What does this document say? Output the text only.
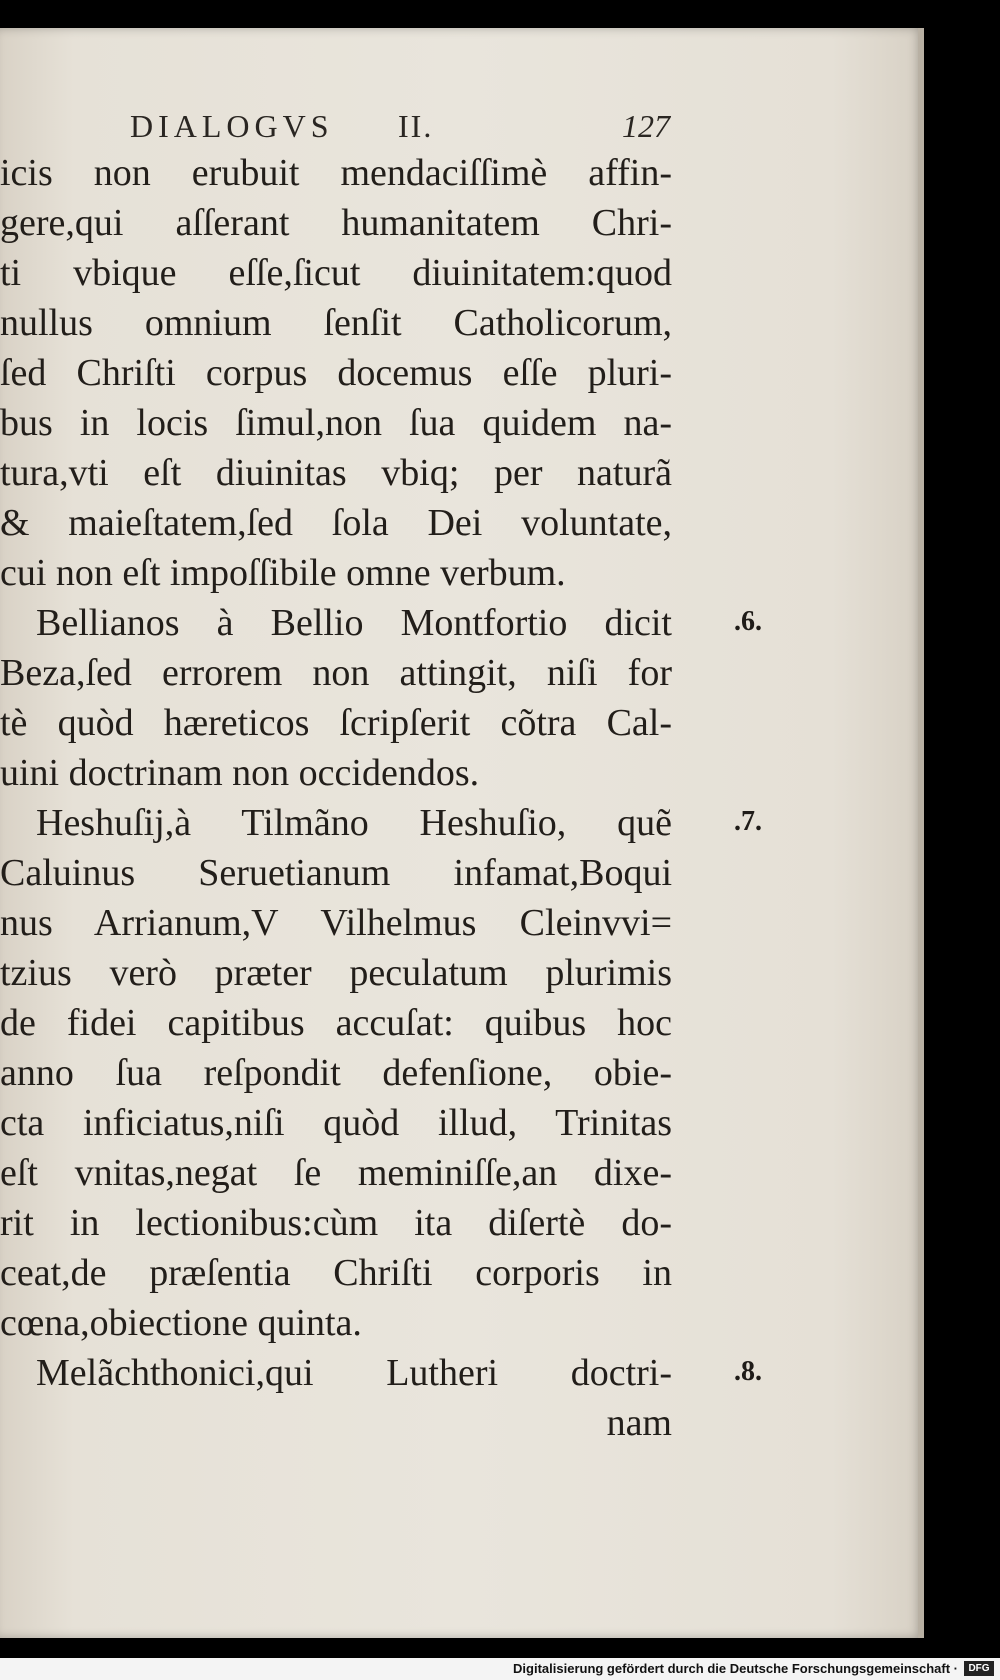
DIALOGVS II.	127
icis non erubuit mendaciſſimè affin-
gere,qui aſſerant humanitatem Chri-
ti vbique eſſe,ſicut diuinitatem:quod
nullus omnium ſenſit Catholicorum,
ſed Chriſti corpus docemus eſſe pluri-
bus in locis ſimul,non ſua quidem na-
tura,vti eſt diuinitas vbiq; per naturã
& maieſtatem,ſed ſola Dei voluntate,
cui non eſt impoſſibile omne verbum.
Bellianos à Bellio Montfortio dicit
Beza,ſed errorem non attingit, niſi for
tè quòd hæreticos ſcripſerit cõtra Cal-
uini doctrinam non occidendos.
Heshuſij,à Tilmãno Heshuſio, quẽ
Caluinus Seruetianum infamat,Boqui
nus Arrianum,V Vilhelmus Cleinvvi=
tzius verò præter peculatum plurimis
de fidei capitibus accuſat: quibus hoc
anno ſua reſpondit defenſione, obie-
cta inficiatus,niſi quòd illud, Trinitas
eſt vnitas,negat ſe meminiſſe,an dixe-
rit in lectionibus:cùm ita diſertè do-
ceat,de præſentia Chriſti corporis in
cœna,obiectione quinta.
Melãchthonici,qui Lutheri doctri-
nam
.6.
.7.
.8.
Digitalisierung gefördert durch die Deutsche Forschungsgemeinschaft ·	DFG
